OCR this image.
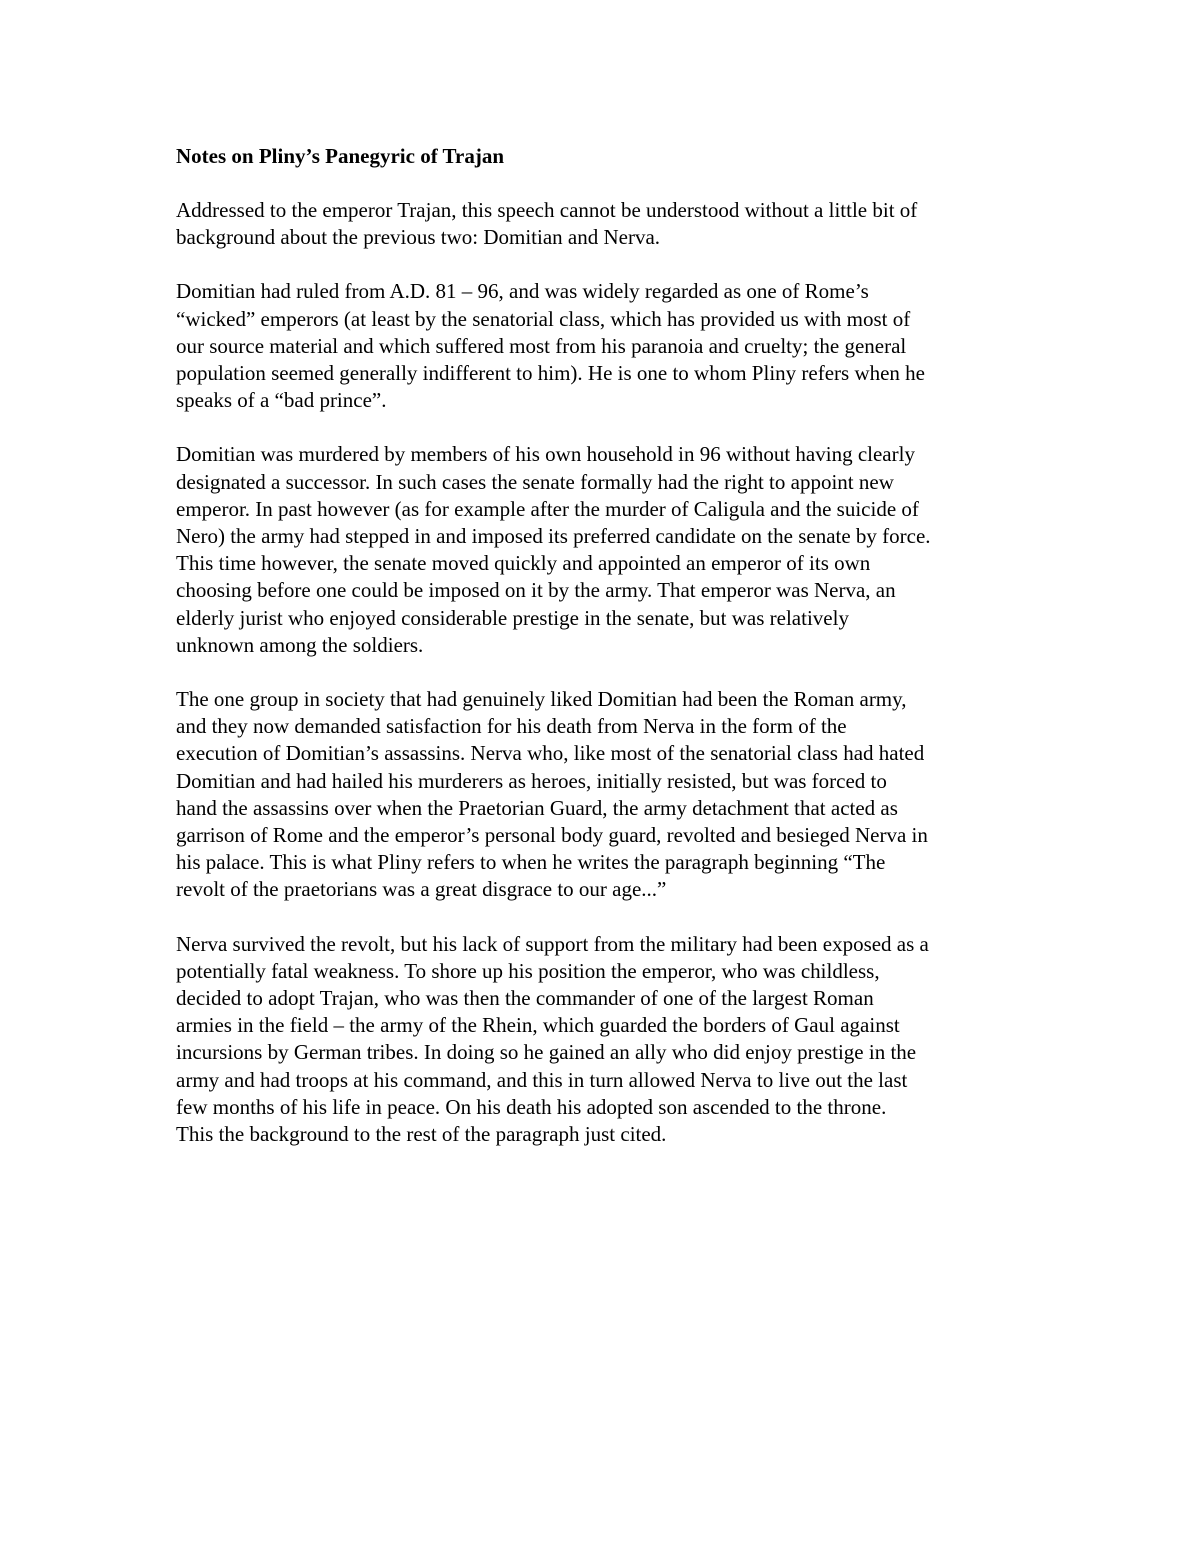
Notes on Pliny’s Panegyric of Trajan
Addressed to the emperor Trajan, this speech cannot be understood without a little bit of
background about the previous two: Domitian and Nerva.
Domitian had ruled from A.D. 81 – 96, and was widely regarded as one of Rome’s
“wicked” emperors (at least by the senatorial class, which has provided us with most of
our source material and which suffered most from his paranoia and cruelty; the general
population seemed generally indifferent to him). He is one to whom Pliny refers when he
speaks of a “bad prince”.
Domitian was murdered by members of his own household in 96 without having clearly
designated a successor. In such cases the senate formally had the right to appoint new
emperor. In past however (as for example after the murder of Caligula and the suicide of
Nero) the army had stepped in and imposed its preferred candidate on the senate by force.
This time however, the senate moved quickly and appointed an emperor of its own
choosing before one could be imposed on it by the army. That emperor was Nerva, an
elderly jurist who enjoyed considerable prestige in the senate, but was relatively
unknown among the soldiers.
The one group in society that had genuinely liked Domitian had been the Roman army,
and they now demanded satisfaction for his death from Nerva in the form of the
execution of Domitian’s assassins. Nerva who, like most of the senatorial class had hated
Domitian and had hailed his murderers as heroes, initially resisted, but was forced to
hand the assassins over when the Praetorian Guard, the army detachment that acted as
garrison of Rome and the emperor’s personal body guard, revolted and besieged Nerva in
his palace. This is what Pliny refers to when he writes the paragraph beginning “The
revolt of the praetorians was a great disgrace to our age...”
Nerva survived the revolt, but his lack of support from the military had been exposed as a
potentially fatal weakness. To shore up his position the emperor, who was childless,
decided to adopt Trajan, who was then the commander of one of the largest Roman
armies in the field – the army of the Rhein, which guarded the borders of Gaul against
incursions by German tribes. In doing so he gained an ally who did enjoy prestige in the
army and had troops at his command, and this in turn allowed Nerva to live out the last
few months of his life in peace. On his death his adopted son ascended to the throne.
This the background to the rest of the paragraph just cited.
